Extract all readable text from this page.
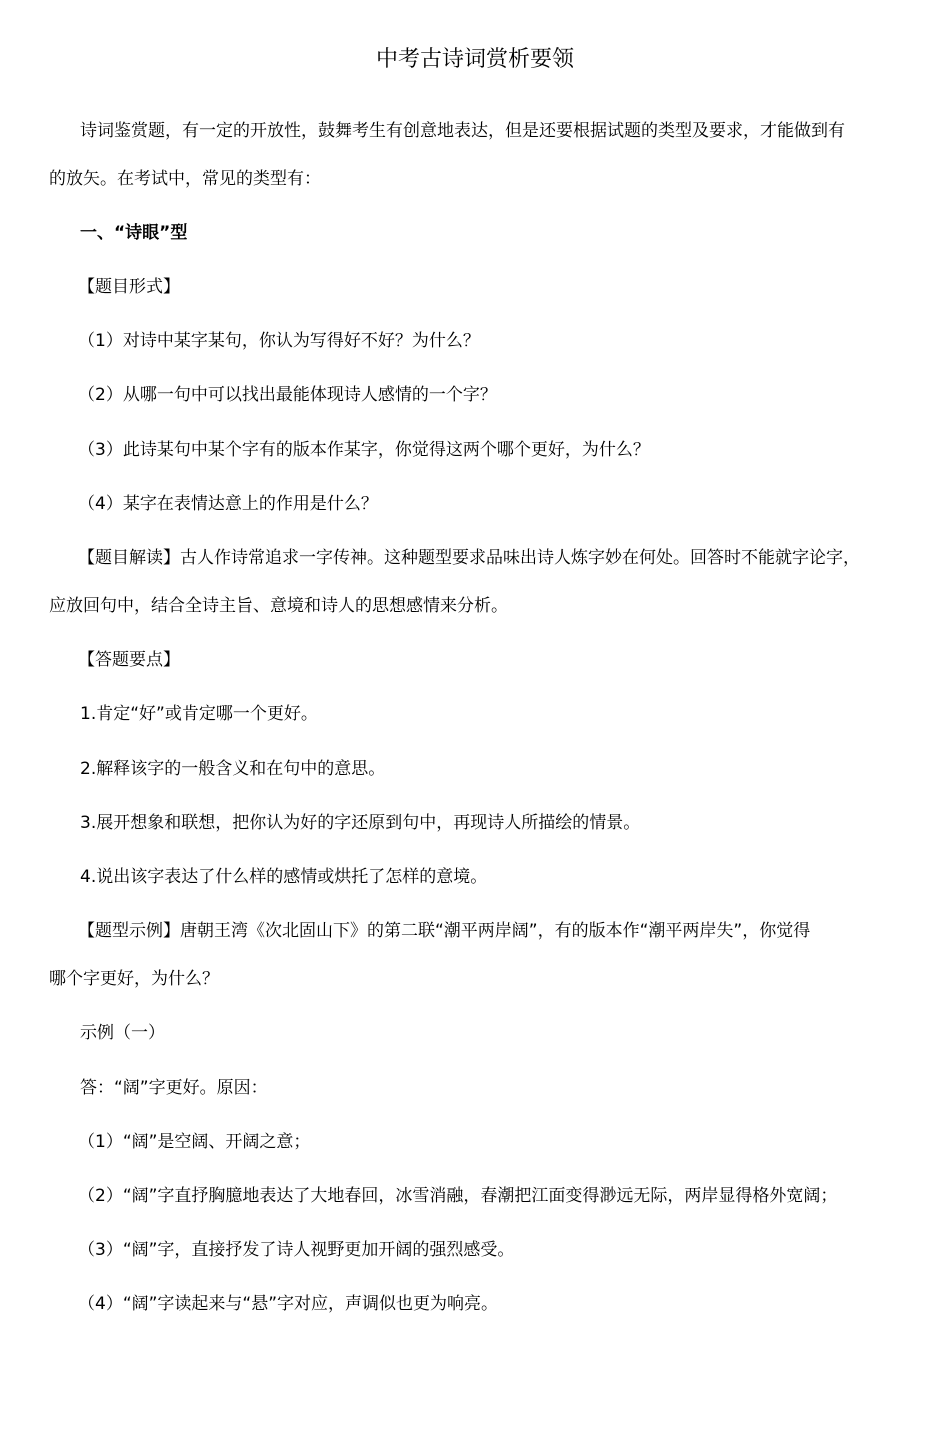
中考古诗词赏析要领
诗词鉴赏题，有一定的开放性，鼓舞考生有创意地表达，但是还要根据试题的类型及要求，才能做到有
的放矢。在考试中，常见的类型有：
一、“诗眼”型
【题目形式】
（1）对诗中某字某句，你认为写得好不好？为什么？
（2）从哪一句中可以找出最能体现诗人感情的一个字？
（3）此诗某句中某个字有的版本作某字，你觉得这两个哪个更好，为什么？
（4）某字在表情达意上的作用是什么？
【题目解读】古人作诗常追求一字传神。这种题型要求品味出诗人炼字妙在何处。回答时不能就字论字，
应放回句中，结合全诗主旨、意境和诗人的思想感情来分析。
【答题要点】
1.肯定“好”或肯定哪一个更好。
2.解释该字的一般含义和在句中的意思。
3.展开想象和联想，把你认为好的字还原到句中，再现诗人所描绘的情景。
4.说出该字表达了什么样的感情或烘托了怎样的意境。
【题型示例】唐朝王湾《次北固山下》的第二联“潮平两岸阔”，有的版本作“潮平两岸失”，你觉得
哪个字更好，为什么？
示例（一）
答：“阔”字更好。原因：
（1）“阔”是空阔、开阔之意；
（2）“阔”字直抒胸臆地表达了大地春回，冰雪消融，春潮把江面变得渺远无际，两岸显得格外宽阔；
（3）“阔”字，直接抒发了诗人视野更加开阔的强烈感受。
（4）“阔”字读起来与“悬”字对应，声调似也更为响亮。
